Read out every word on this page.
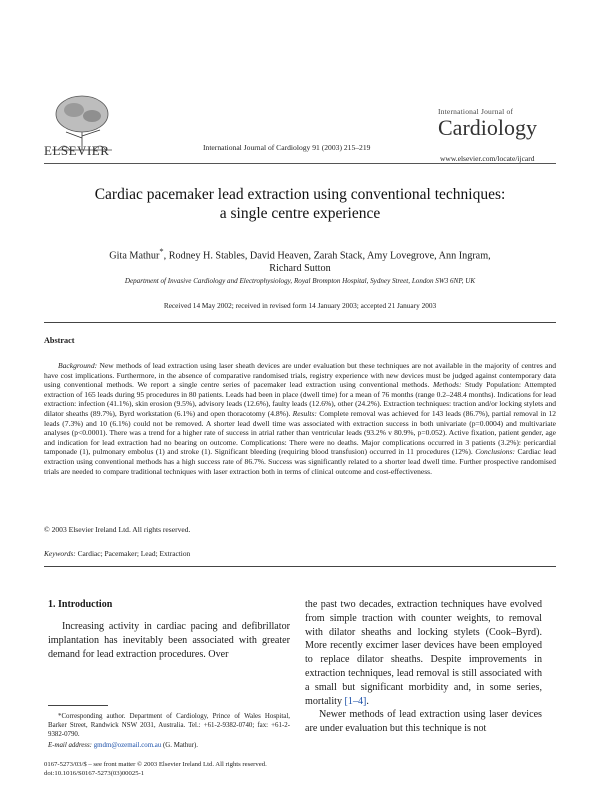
ELSEVIER	International Journal of Cardiology 91 (2003) 215–219
International Journal of
Cardiology
www.elsevier.com/locate/ijcard
Cardiac pacemaker lead extraction using conventional techniques:
a single centre experience
Gita Mathur*, Rodney H. Stables, David Heaven, Zarah Stack, Amy Lovegrove, Ann Ingram,
Richard Sutton
Department of Invasive Cardiology and Electrophysiology, Royal Brompton Hospital, Sydney Street, London SW3 6NP, UK
Received 14 May 2002; received in revised form 14 January 2003; accepted 21 January 2003
Abstract
Background: New methods of lead extraction using laser sheath devices are under evaluation but these techniques are not available in the majority of centres and have cost implications. Furthermore, in the absence of comparative randomised trials, registry experience with new devices must be judged against contemporary data using conventional methods. We report a single centre series of pacemaker lead extraction using conventional methods. Methods: Study Population: Attempted extraction of 165 leads during 95 procedures in 80 patients. Leads had been in place (dwell time) for a mean of 76 months (range 0.2–248.4 months). Indications for lead extraction: infection (41.1%), skin erosion (9.5%), advisory leads (12.6%), faulty leads (12.6%), other (24.2%). Extraction techniques: traction and/or locking stylets and dilator sheaths (89.7%), Byrd workstation (6.1%) and open thoracotomy (4.8%). Results: Complete removal was achieved for 143 leads (86.7%), partial removal in 12 leads (7.3%) and 10 (6.1%) could not be removed. A shorter lead dwell time was associated with extraction success in both univariate (p=0.0004) and multivariate analyses (p<0.0001). There was a trend for a higher rate of success in atrial rather than ventricular leads (93.2% v 80.9%, p=0.052). Active fixation, patient gender, age and indication for lead extraction had no bearing on outcome. Complications: There were no deaths. Major complications occurred in 3 patients (3.2%): pericardial tamponade (1), pulmonary embolus (1) and stroke (1). Significant bleeding (requiring blood transfusion) occurred in 11 procedures (12%). Conclusions: Cardiac lead extraction using conventional methods has a high success rate of 86.7%. Success was significantly related to a shorter lead dwell time. Further prospective randomised trials are needed to compare traditional techniques with laser extraction both in terms of clinical outcome and cost-effectiveness.
© 2003 Elsevier Ireland Ltd. All rights reserved.
Keywords: Cardiac; Pacemaker; Lead; Extraction
1. Introduction
Increasing activity in cardiac pacing and defibrillator implantation has inevitably been associated with greater demand for lead extraction procedures. Over

the past two decades, extraction techniques have evolved from simple traction with counter weights, to removal with dilator sheaths and locking stylets (Cook–Byrd). More recently excimer laser devices have been employed to replace dilator sheaths. Despite improvements in extraction techniques, lead removal is still associated with a small but significant morbidity and, in some series, mortality [1–4].

Newer methods of lead extraction using laser devices are under evaluation but this technique is not

*Corresponding author. Department of Cardiology, Prince of Wales Hospital, Barker Street, Randwick NSW 2031, Australia. Tel.: +61-2-9382-0740; fax: +61-2-9382-0790.
E-mail address: gmdm@ozemail.com.au (G. Mathur).
0167-5273/03/$ – see front matter © 2003 Elsevier Ireland Ltd. All rights reserved.
doi:10.1016/S0167-5273(03)00025-1
